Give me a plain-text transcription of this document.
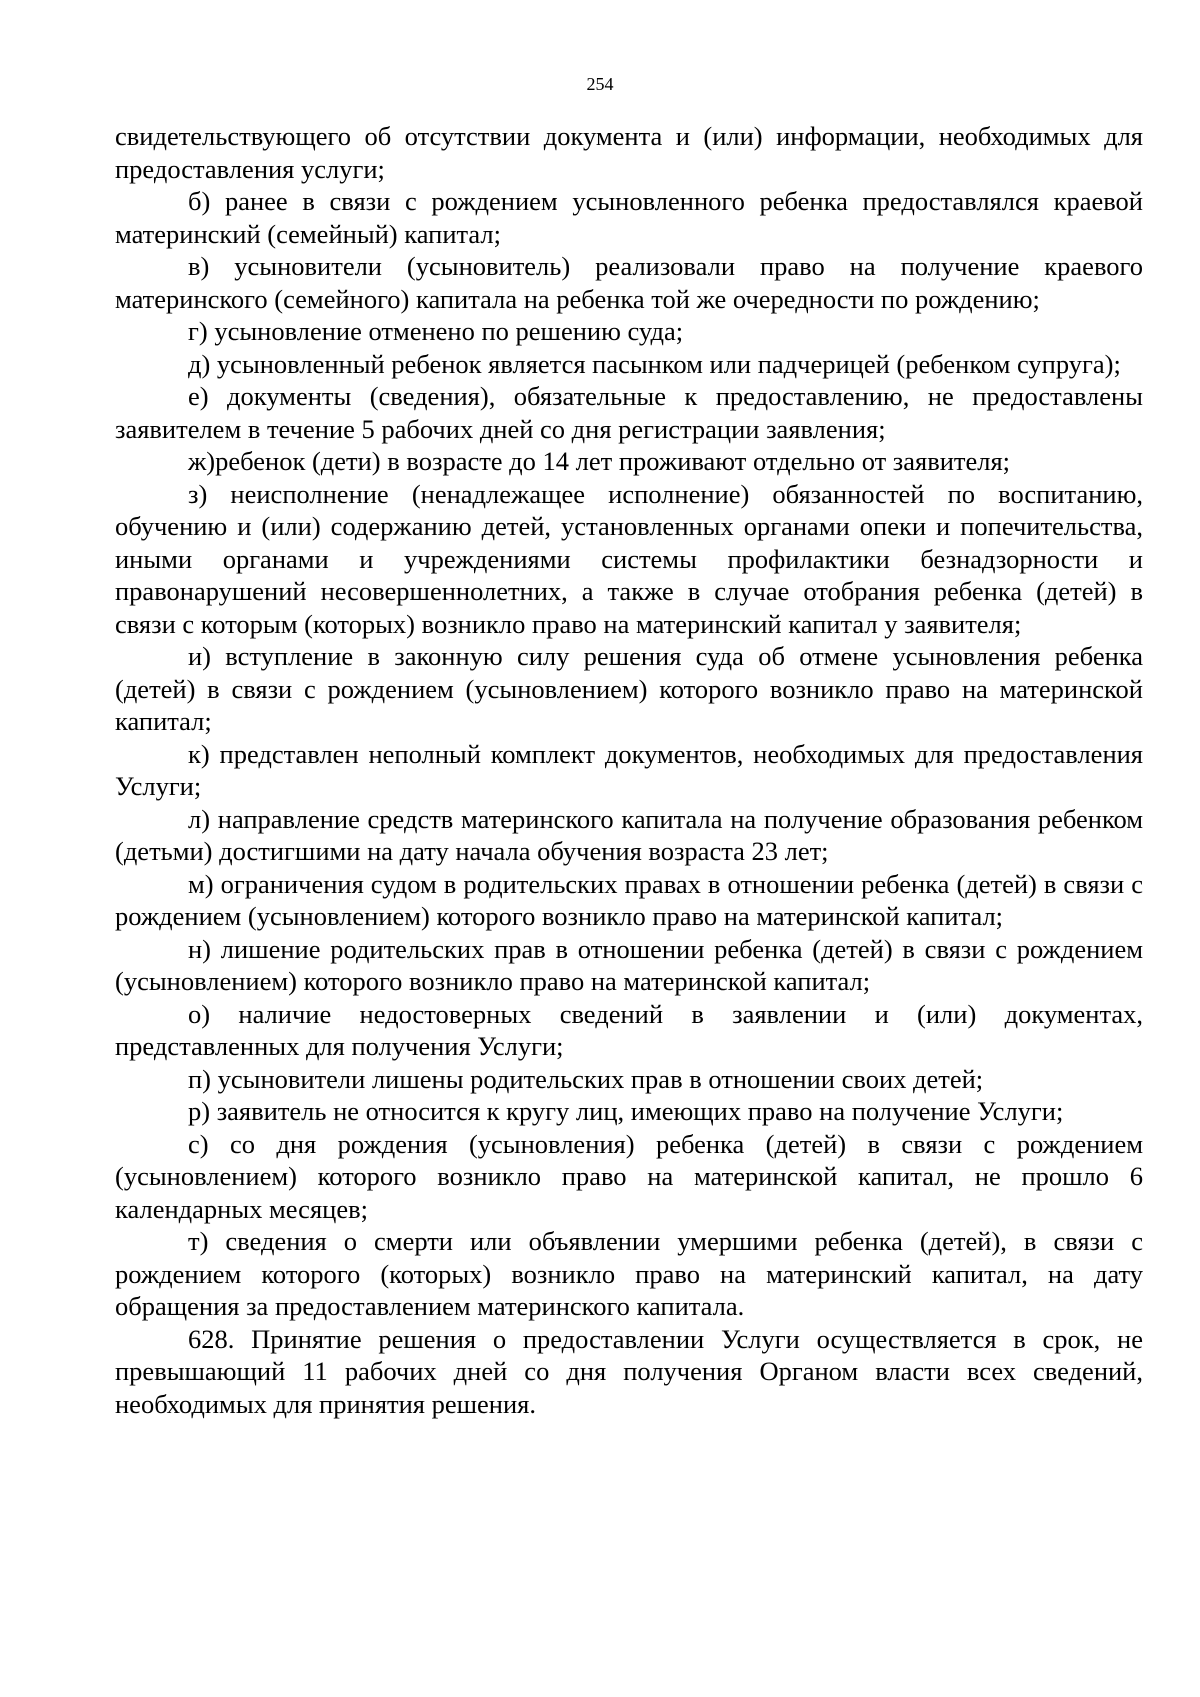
254

свидетельствующего об отсутствии документа и (или) информации, необходимых для предоставления услуги;

б) ранее в связи с рождением усыновленного ребенка предоставлялся краевой материнский (семейный) капитал;

в) усыновители (усыновитель) реализовали право на получение краевого материнского (семейного) капитала на ребенка той же очередности по рождению;

г) усыновление отменено по решению суда;

д) усыновленный ребенок является пасынком или падчерицей (ребенком супруга);

е) документы (сведения), обязательные к предоставлению, не предоставлены заявителем в течение 5 рабочих дней со дня регистрации заявления;

ж)ребенок (дети) в возрасте до 14 лет проживают отдельно от заявителя;

з) неисполнение (ненадлежащее исполнение) обязанностей по воспитанию, обучению и (или) содержанию детей, установленных органами опеки и попечительства, иными органами и учреждениями системы профилактики безнадзорности и правонарушений несовершеннолетних, а также в случае отобрания ребенка (детей) в связи с которым (которых) возникло право на материнский капитал у заявителя;

и) вступление в законную силу решения суда об отмене усыновления ребенка (детей) в связи с рождением (усыновлением) которого возникло право на материнской капитал;

к) представлен неполный комплект документов, необходимых для предоставления Услуги;

л) направление средств материнского капитала на получение образования ребенком (детьми) достигшими на дату начала обучения возраста 23 лет;

м) ограничения судом в родительских правах в отношении ребенка (детей) в связи с рождением (усыновлением) которого возникло право на материнской капитал;

н) лишение родительских прав в отношении ребенка (детей) в связи с рождением (усыновлением) которого возникло право на материнской капитал;

о) наличие недостоверных сведений в заявлении и (или) документах, представленных для получения Услуги;

п) усыновители лишены родительских прав в отношении своих детей;

р) заявитель не относится к кругу лиц, имеющих право на получение Услуги;

с) со дня рождения (усыновления) ребенка (детей) в связи с рождением (усыновлением) которого возникло право на материнской капитал, не прошло 6 календарных месяцев;

т) сведения о смерти или объявлении умершими ребенка (детей), в связи с рождением которого (которых) возникло право на материнский капитал, на дату обращения за предоставлением материнского капитала.

628. Принятие решения о предоставлении Услуги осуществляется в срок, не превышающий 11 рабочих дней со дня получения Органом власти всех сведений, необходимых для принятия решения.
